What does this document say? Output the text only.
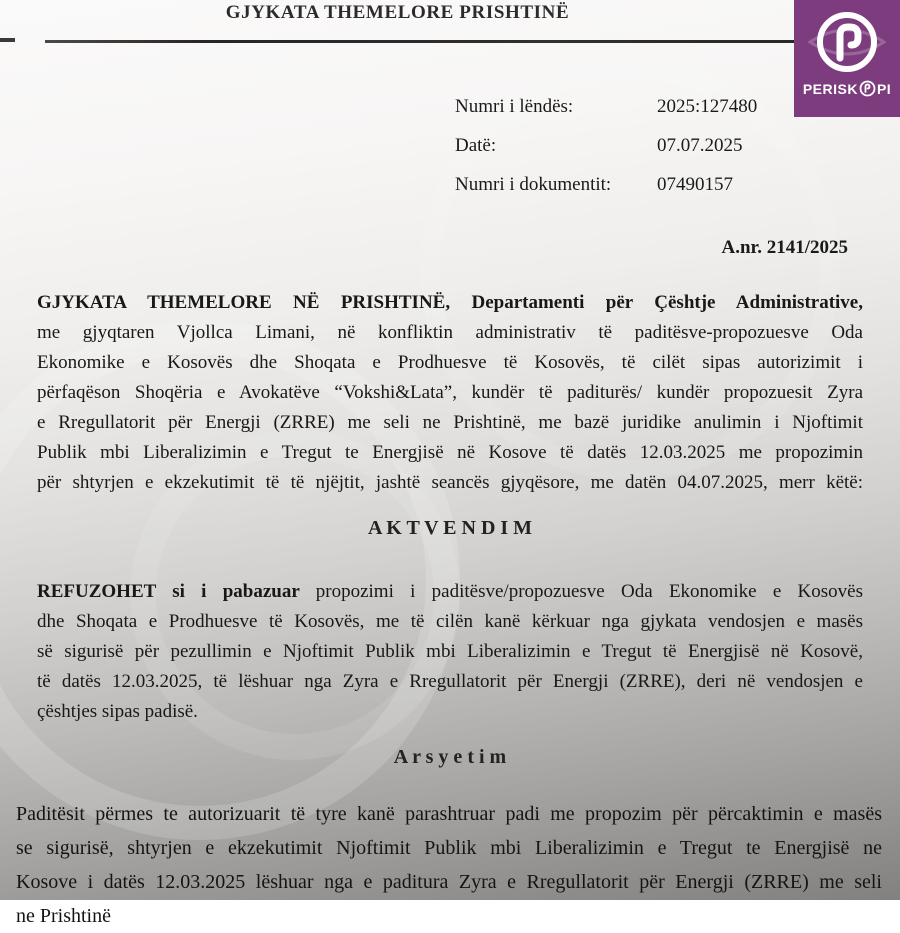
GJYKATA THEMELORE PRISHTINË
PERISK PI
Numri i lëndës:	2025:127480
Datë:	07.07.2025
Numri i dokumentit:	07490157
A.nr. 2141/2025
GJYKATA THEMELORE NË PRISHTINË, Departamenti për Çështje Administrative,
me gjyqtaren Vjollca Limani, në konfliktin administrativ të paditësve-propozuesve Oda
Ekonomike e Kosovës dhe Shoqata e Prodhuesve të Kosovës, të cilët sipas autorizimit i
përfaqëson Shoqëria e Avokatëve “Vokshi&Lata”, kundër të paditurës/ kundër propozuesit Zyra
e Rregullatorit për Energji (ZRRE) me seli ne Prishtinë, me bazë juridike anulimin i Njoftimit
Publik mbi Liberalizimin e Tregut te Energjisë në Kosove të datës 12.03.2025 me propozimin
për shtyrjen e ekzekutimit të të njëjtit, jashtë seancës gjyqësore, me datën 04.07.2025, merr këtë:
A K T V E N D I M
REFUZOHET si i pabazuar propozimi i paditësve/propozuesve Oda Ekonomike e Kosovës
dhe Shoqata e Prodhuesve të Kosovës, me të cilën kanë kërkuar nga gjykata vendosjen e masës
së sigurisë për pezullimin e Njoftimit Publik mbi Liberalizimin e Tregut të Energjisë në Kosovë,
të datës 12.03.2025, të lëshuar nga Zyra e Rregullatorit për Energji (ZRRE), deri në vendosjen e
çështjes sipas padisë.
A r s y e t i m
Paditësit përmes te autorizuarit të tyre kanë parashtruar padi me propozim për përcaktimin e masës
se sigurisë, shtyrjen e ekzekutimit Njoftimit Publik mbi Liberalizimin e Tregut te Energjisë ne
Kosove i datës 12.03.2025 lëshuar nga e paditura Zyra e Rregullatorit për Energji (ZRRE) me seli
ne Prishtinë
